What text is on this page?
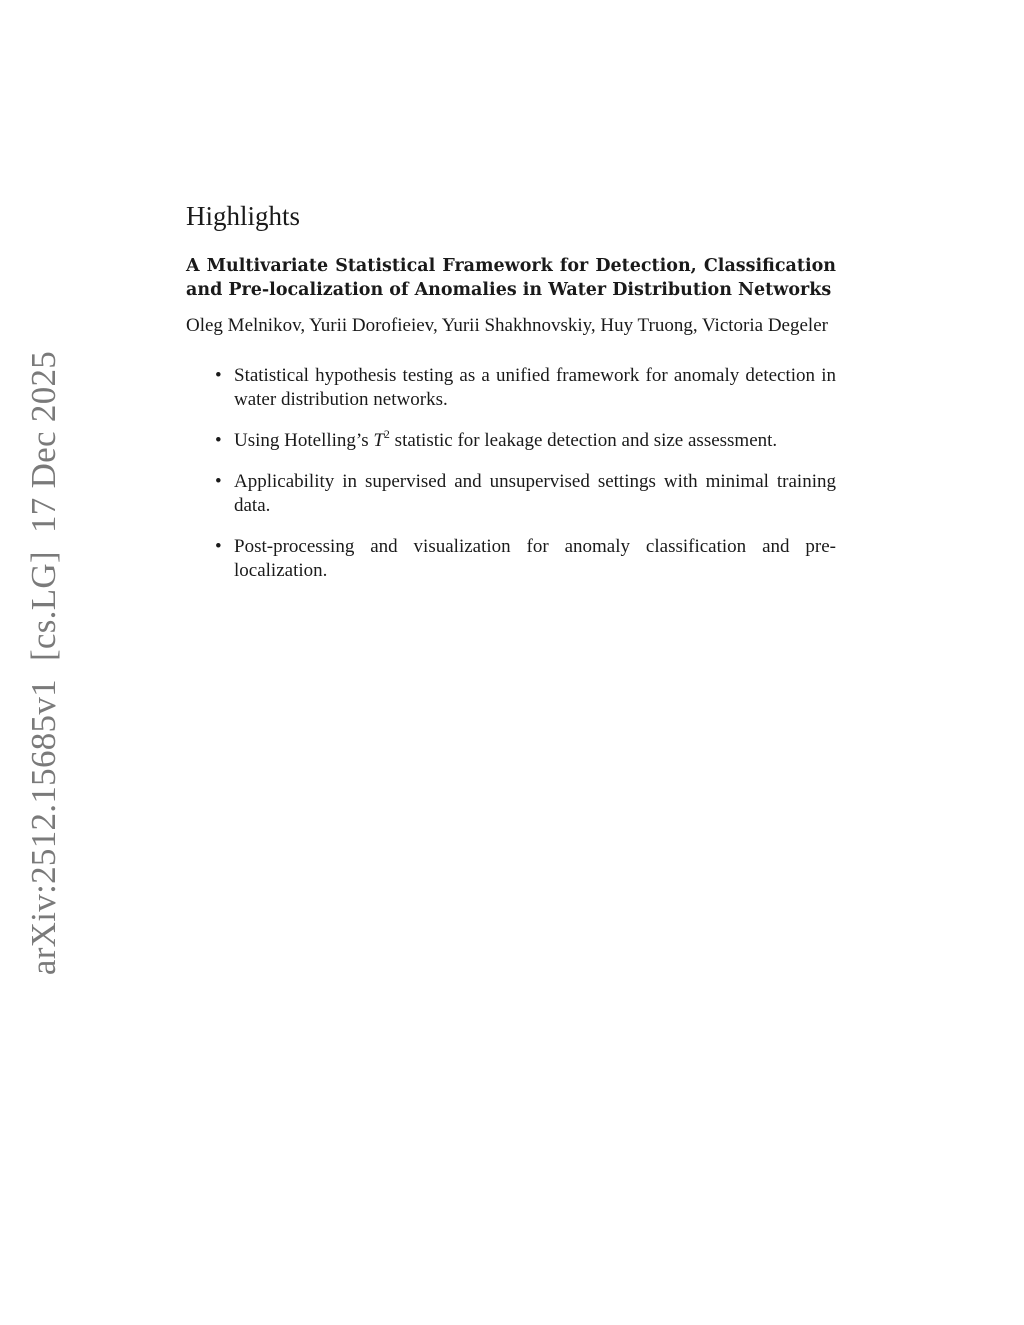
arXiv:2512.15685v1[cs.LG]17 Dec 2025
Highlights
A Multivariate Statistical Framework for Detection, Classification and Pre-localization of Anomalies in Water Distribution Networks
Oleg Melnikov, Yurii Dorofieiev, Yurii Shakhnovskiy, Huy Truong, Victoria Degeler
• Statistical hypothesis testing as a unified framework for anomaly detection in water distribution networks.
• Using Hotelling’s $T^2$ statistic for leakage detection and size assessment.
• Applicability in supervised and unsupervised settings with minimal training data.
• Post-processing and visualization for anomaly classification and pre-localization.
